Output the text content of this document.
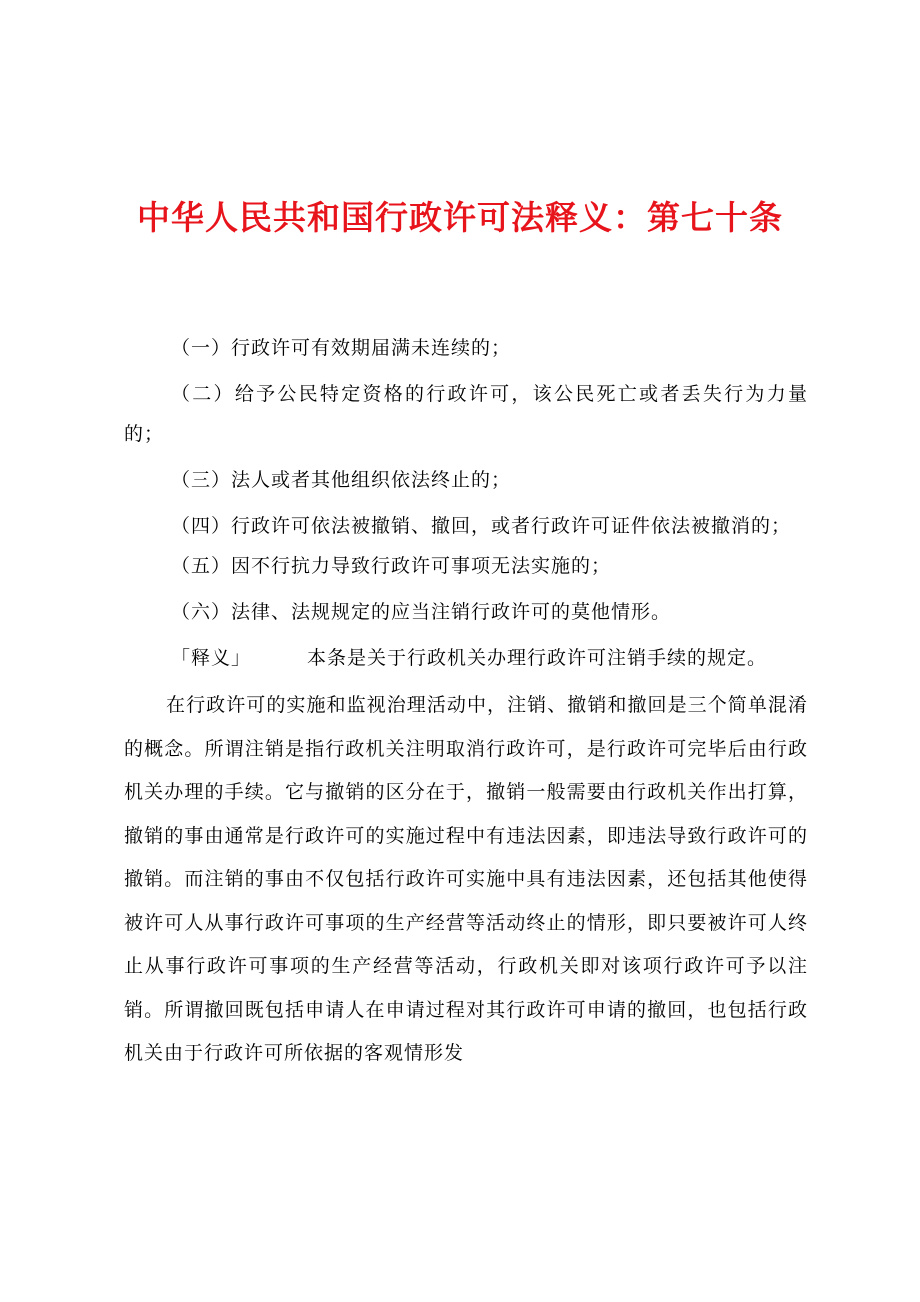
中华人民共和国行政许可法释义：第七十条

（一）行政许可有效期届满未连续的；

（二）给予公民特定资格的行政许可，该公民死亡或者丢失行为力量的；

（三）法人或者其他组织依法终止的；

（四）行政许可依法被撤销、撤回，或者行政许可证件依法被撤消的；

（五）因不行抗力导致行政许可事项无法实施的；

（六）法律、法规规定的应当注销行政许可的莫他情形。

「释义」	本条是关于行政机关办理行政许可注销手续的规定。

在行政许可的实施和监视治理活动中，注销、撤销和撤回是三个简单混淆的概念。所谓注销是指行政机关注明取消行政许可，是行政许可完毕后由行政机关办理的手续。它与撤销的区分在于，撤销一般需要由行政机关作出打算，撤销的事由通常是行政许可的实施过程中有违法因素，即违法导致行政许可的撤销。而注销的事由不仅包括行政许可实施中具有违法因素，还包括其他使得被许可人从事行政许可事项的生产经营等活动终止的情形，即只要被许可人终止从事行政许可事项的生产经营等活动，行政机关即对该项行政许可予以注销。所谓撤回既包括申请人在申请过程对其行政许可申请的撤回，也包括行政机关由于行政许可所依据的客观情形发
